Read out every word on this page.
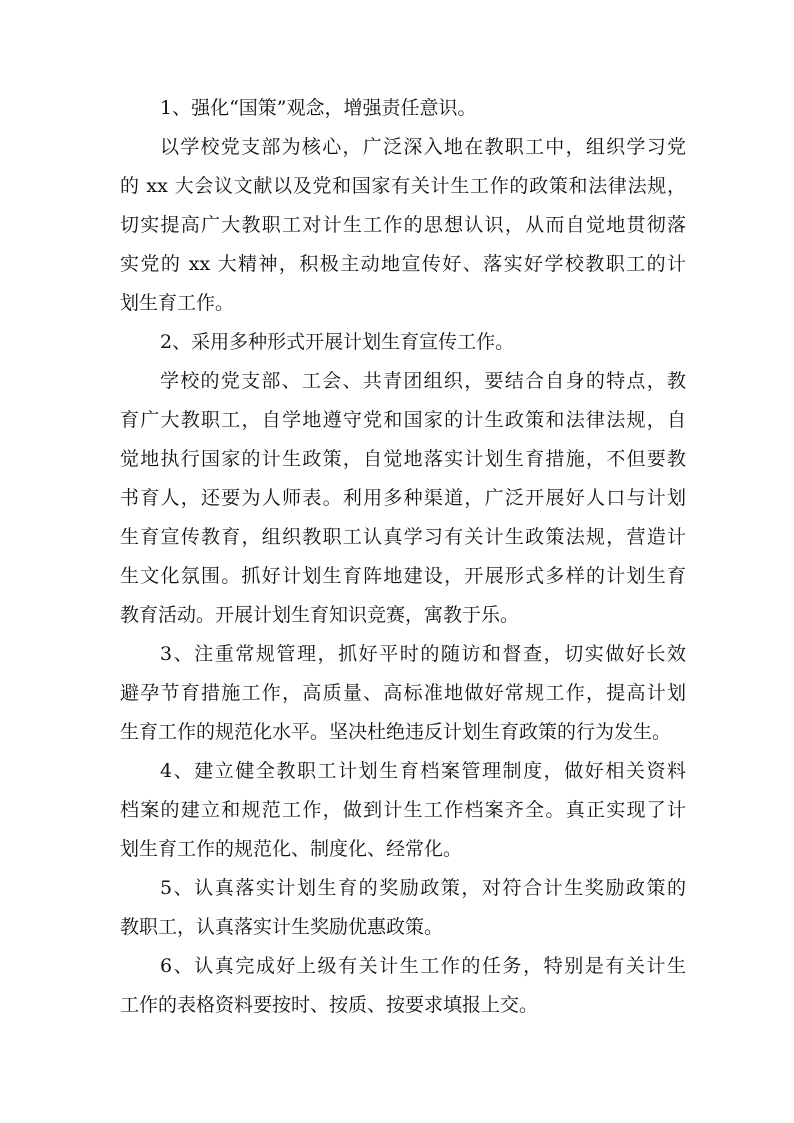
1、强化“国策”观念，增强责任意识。
以学校党支部为核心，广泛深入地在教职工中，组织学习党
的 xx 大会议文献以及党和国家有关计生工作的政策和法律法规，
切实提高广大教职工对计生工作的思想认识，从而自觉地贯彻落
实党的 xx 大精神，积极主动地宣传好、落实好学校教职工的计
划生育工作。
2、采用多种形式开展计划生育宣传工作。
学校的党支部、工会、共青团组织，要结合自身的特点，教
育广大教职工，自学地遵守党和国家的计生政策和法律法规，自
觉地执行国家的计生政策，自觉地落实计划生育措施，不但要教
书育人，还要为人师表。利用多种渠道，广泛开展好人口与计划
生育宣传教育，组织教职工认真学习有关计生政策法规，营造计
生文化氛围。抓好计划生育阵地建设，开展形式多样的计划生育
教育活动。开展计划生育知识竞赛，寓教于乐。
3、注重常规管理，抓好平时的随访和督查，切实做好长效
避孕节育措施工作，高质量、高标准地做好常规工作，提高计划
生育工作的规范化水平。坚决杜绝违反计划生育政策的行为发生。
4、建立健全教职工计划生育档案管理制度，做好相关资料
档案的建立和规范工作，做到计生工作档案齐全。真正实现了计
划生育工作的规范化、制度化、经常化。
5、认真落实计划生育的奖励政策，对符合计生奖励政策的
教职工，认真落实计生奖励优惠政策。
6、认真完成好上级有关计生工作的任务，特别是有关计生
工作的表格资料要按时、按质、按要求填报上交。
